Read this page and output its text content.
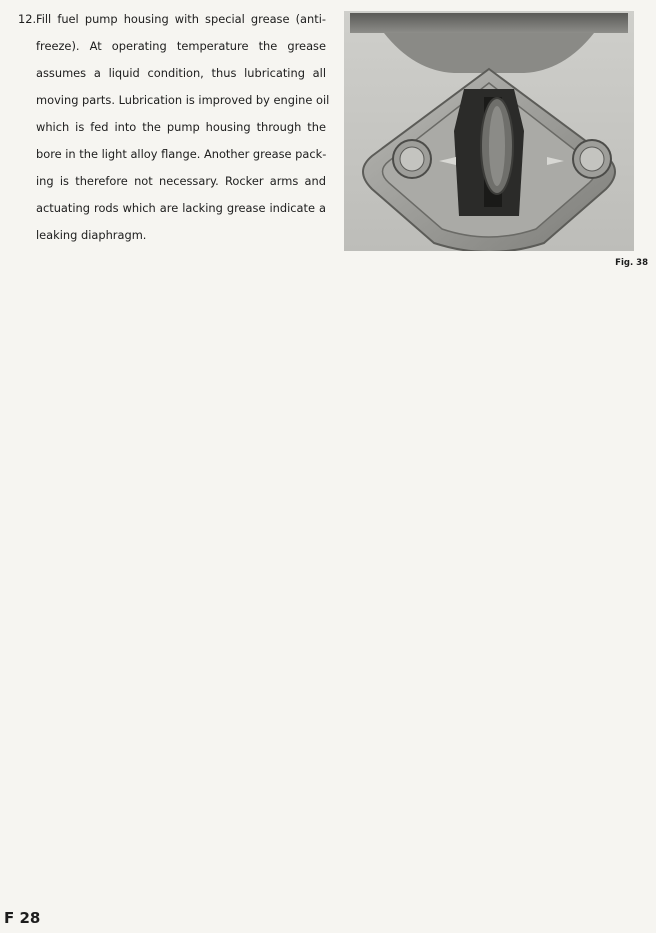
12.Fill fuel pump housing with special grease (anti-
freeze). At operating temperature the grease
assumes a liquid condition, thus lubricating all
moving parts. Lubrication is improved by engine oil
which is fed into the pump housing through the
bore in the light alloy flange. Another grease pack-
ing is therefore not necessary. Rocker arms and
actuating rods which are lacking grease indicate a
leaking diaphragm.

Fig. 38

F 28
